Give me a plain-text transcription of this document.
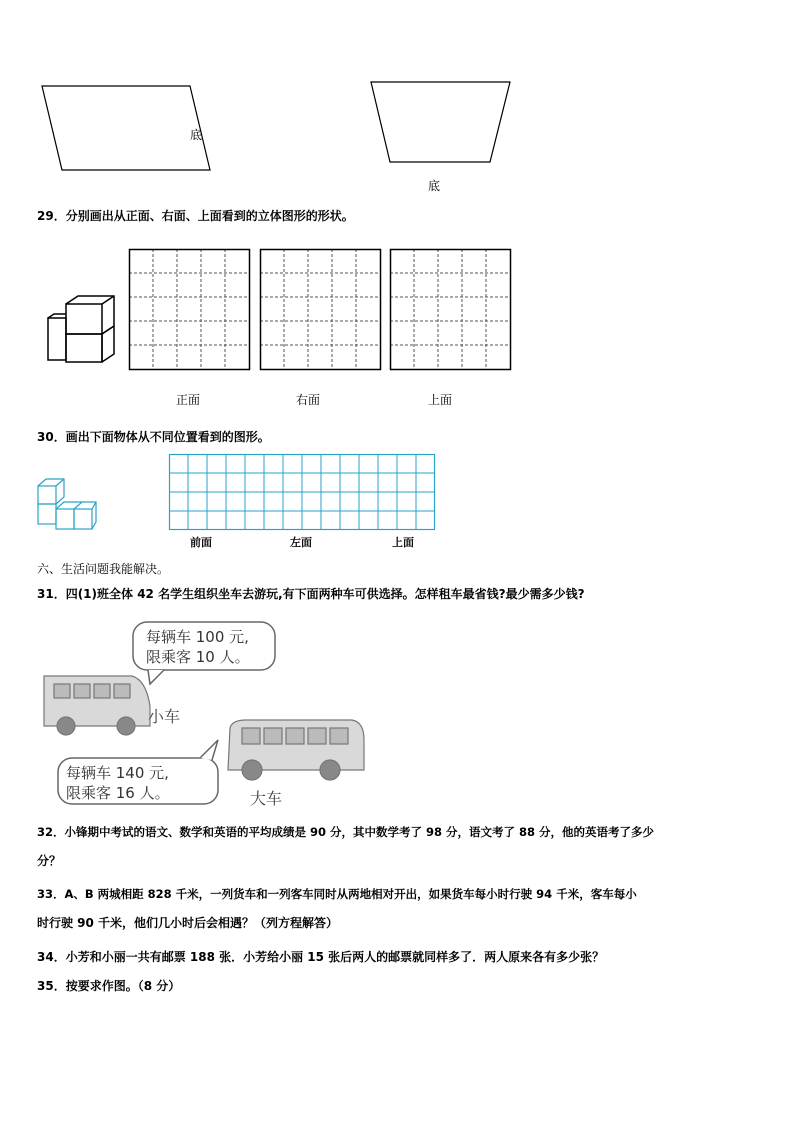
底
底
29．分别画出从正面、右面、上面看到的立体图形的形状。
正面	右面	上面
30．画出下面物体从不同位置看到的图形。
前面	左面	上面
六、生活问题我能解决。
31．四(1)班全体 42 名学生组织坐车去游玩,有下面两种车可供选择。怎样租车最省钱?最少需多少钱?
每辆车 100 元,
限乘客 10 人。
小车
每辆车 140 元,
限乘客 16 人。	大车
32．小锋期中考试的语文、数学和英语的平均成绩是 90 分，其中数学考了 98 分，语文考了 88 分，他的英语考了多少
分？
33．A、B 两城相距 828 千米，一列货车和一列客车同时从两地相对开出，如果货车每小时行驶 94 千米，客车每小
时行驶 90 千米，他们几小时后会相遇？（列方程解答）
34．小芳和小丽一共有邮票 188 张．小芳给小丽 15 张后两人的邮票就同样多了．两人原来各有多少张？
35．按要求作图。（8 分）
